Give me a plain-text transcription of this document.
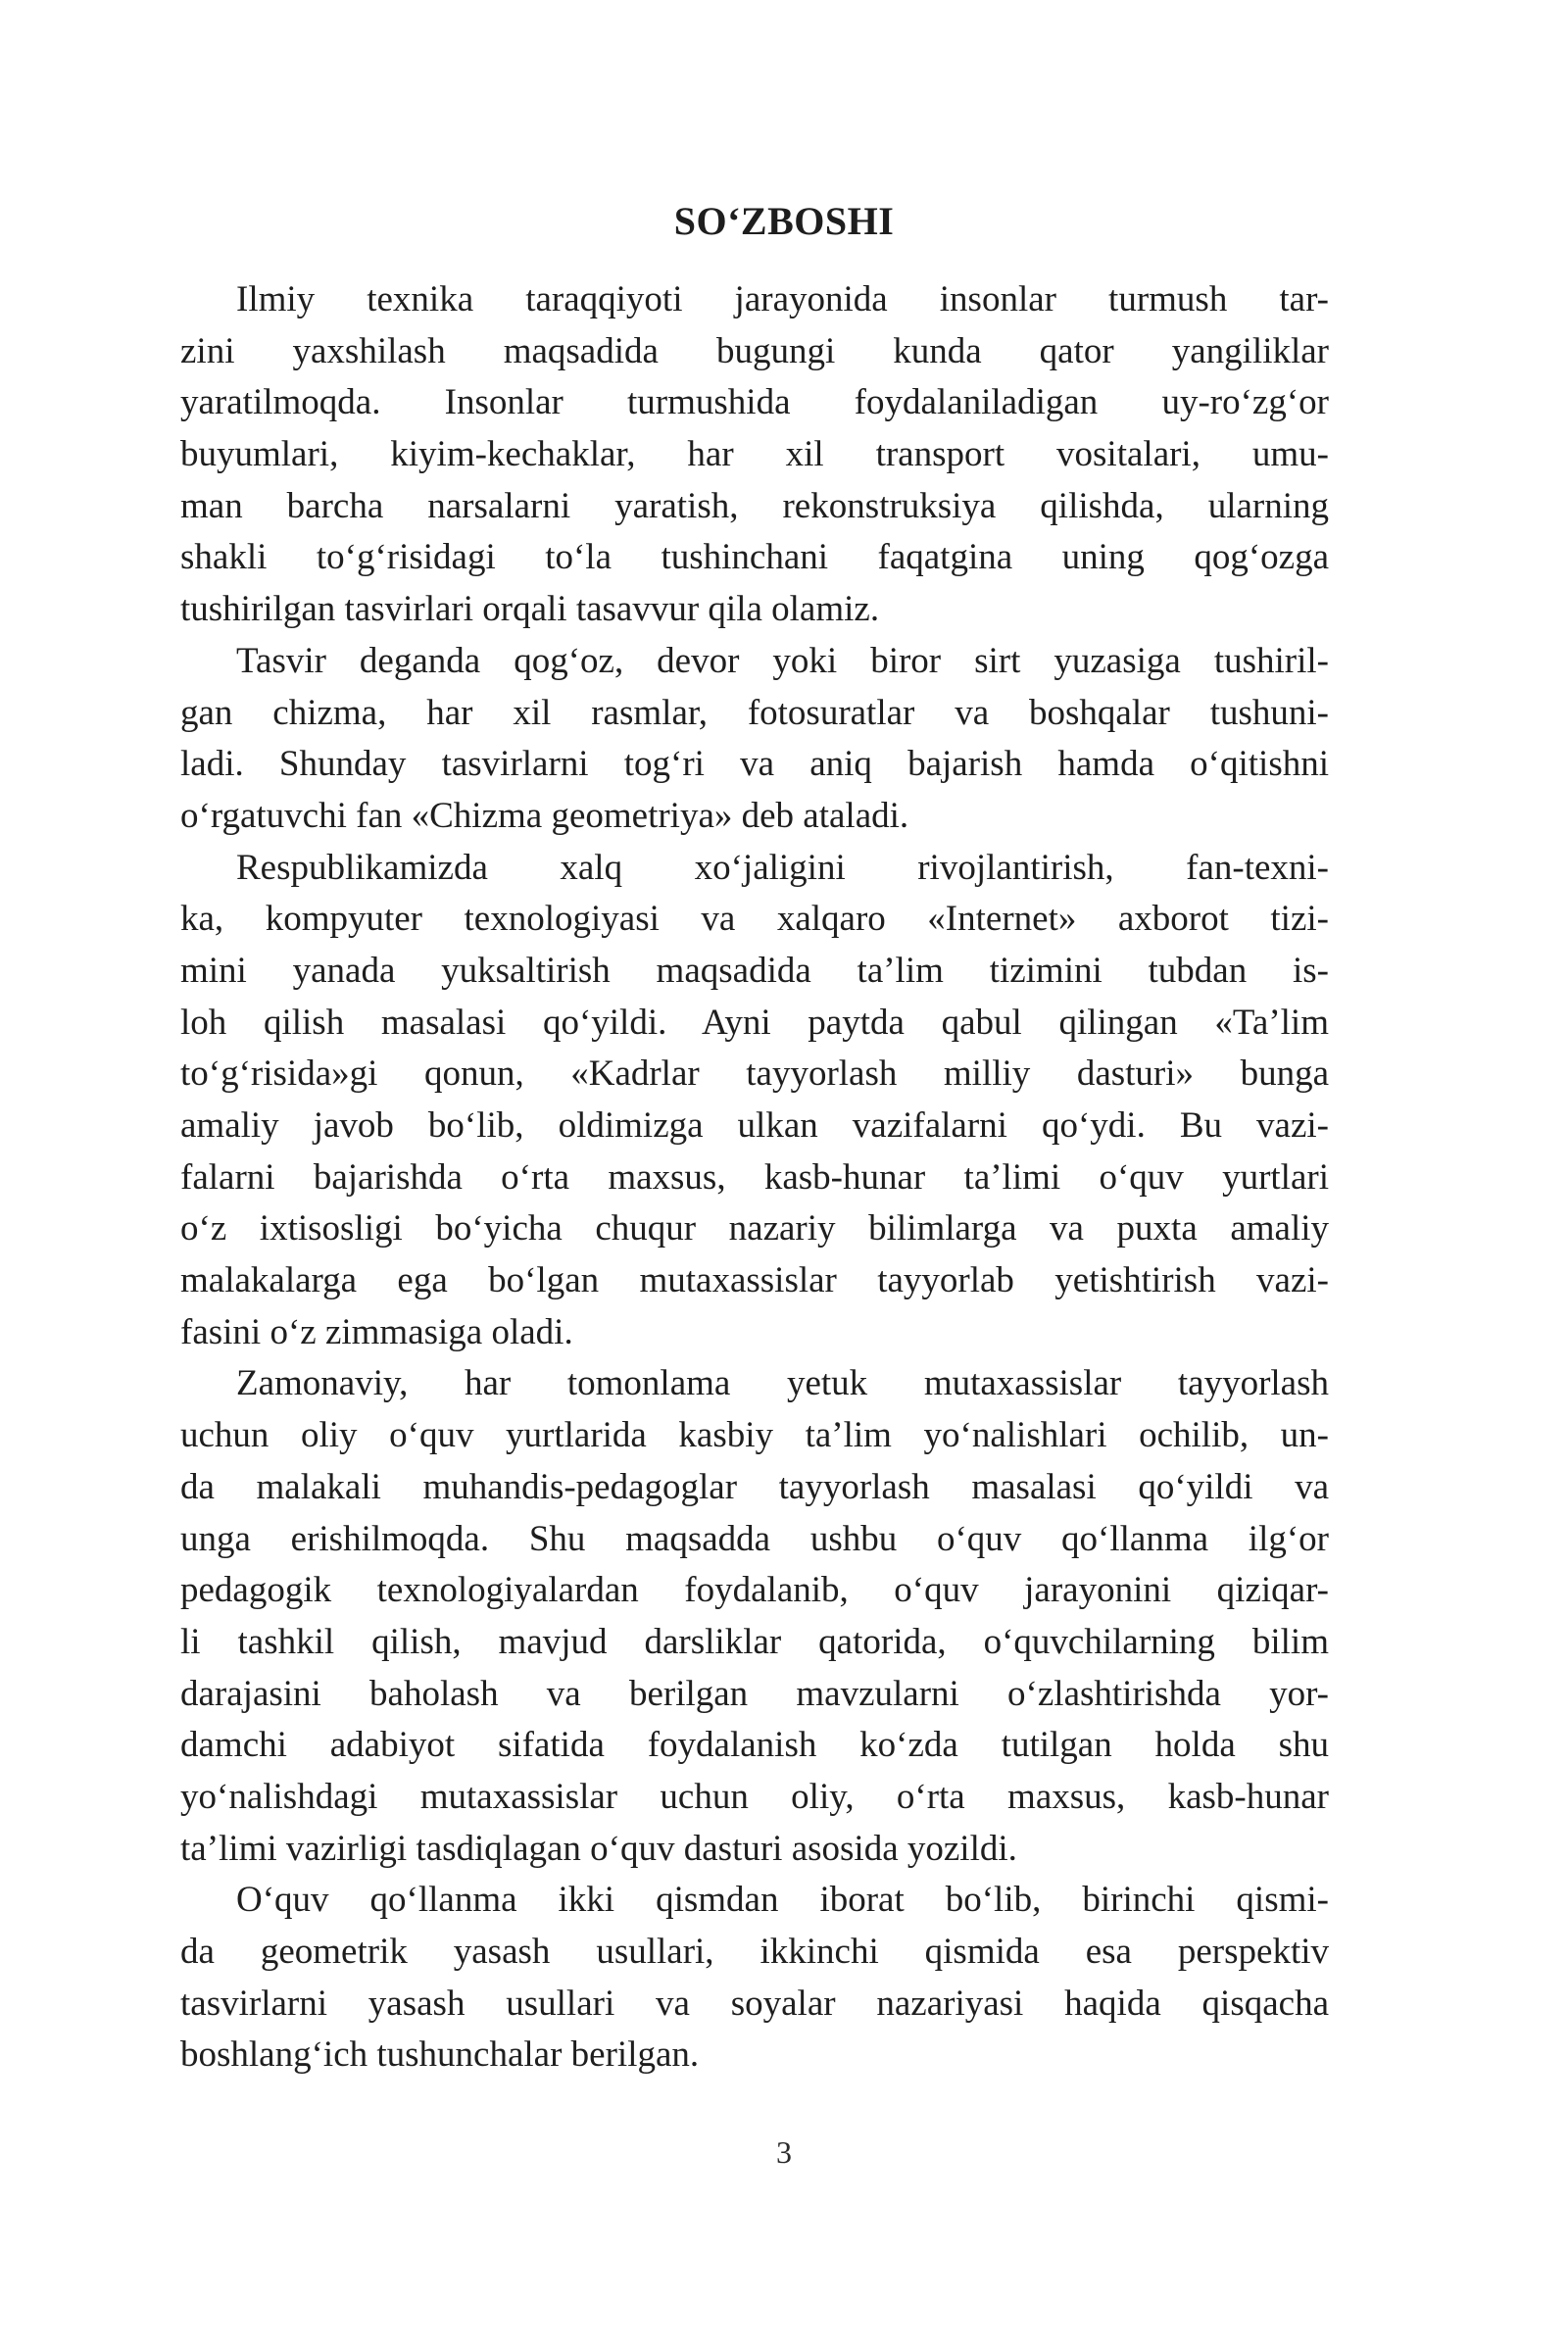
SO‘ZBOSHI

Ilmiy texnika taraqqiyoti jarayonida insonlar turmush tar-
zini yaxshilash maqsadida bugungi kunda qator yangiliklar
yaratilmoqda. Insonlar turmushida foydalaniladigan uy-ro‘zg‘or
buyumlari, kiyim-kechaklar, har xil transport vositalari, umu-
man barcha narsalarni yaratish, rekonstruksiya qilishda, ularning
shakli to‘g‘risidagi to‘la tushinchani faqatgina uning qog‘ozga
tushirilgan tasvirlari orqali tasavvur qila olamiz.

Tasvir deganda qog‘oz, devor yoki biror sirt yuzasiga tushiril-
gan chizma, har xil rasmlar, fotosuratlar va boshqalar tushuni-
ladi. Shunday tasvirlarni tog‘ri va aniq bajarish hamda o‘qitishni
o‘rgatuvchi fan «Chizma geometriya» deb ataladi.

Respublikamizda xalq xo‘jaligini rivojlantirish, fan-texni-
ka, kompyuter texnologiyasi va xalqaro «Internet» axborot tizi-
mini yanada yuksaltirish maqsadida ta’lim tizimini tubdan is-
loh qilish masalasi qo‘yildi. Ayni paytda qabul qilingan «Ta’lim
to‘g‘risida»gi qonun, «Kadrlar tayyorlash milliy dasturi» bunga
amaliy javob bo‘lib, oldimizga ulkan vazifalarni qo‘ydi. Bu vazi-
falarni bajarishda o‘rta maxsus, kasb-hunar ta’limi o‘quv yurtlari
o‘z ixtisosligi bo‘yicha chuqur nazariy bilimlarga va puxta amaliy
malakalarga ega bo‘lgan mutaxassislar tayyorlab yetishtirish vazi-
fasini o‘z zimmasiga oladi.

Zamonaviy, har tomonlama yetuk mutaxassislar tayyorlash
uchun oliy o‘quv yurtlarida kasbiy ta’lim yo‘nalishlari ochilib, un-
da malakali muhandis-pedagoglar tayyorlash masalasi qo‘yildi va
unga erishilmoqda. Shu maqsadda ushbu o‘quv qo‘llanma ilg‘or
pedagogik texnologiyalardan foydalanib, o‘quv jarayonini qiziqar-
li tashkil qilish, mavjud darsliklar qatorida, o‘quvchilarning bilim
darajasini baholash va berilgan mavzularni o‘zlashtirishda yor-
damchi adabiyot sifatida foydalanish ko‘zda tutilgan holda shu
yo‘nalishdagi mutaxassislar uchun oliy, o‘rta maxsus, kasb-hunar
ta’limi vazirligi tasdiqlagan o‘quv dasturi asosida yozildi.

O‘quv qo‘llanma ikki qismdan iborat bo‘lib, birinchi qismi-
da geometrik yasash usullari, ikkinchi qismida esa perspektiv
tasvirlarni yasash usullari va soyalar nazariyasi haqida qisqacha
boshlang‘ich tushunchalar berilgan.

3
